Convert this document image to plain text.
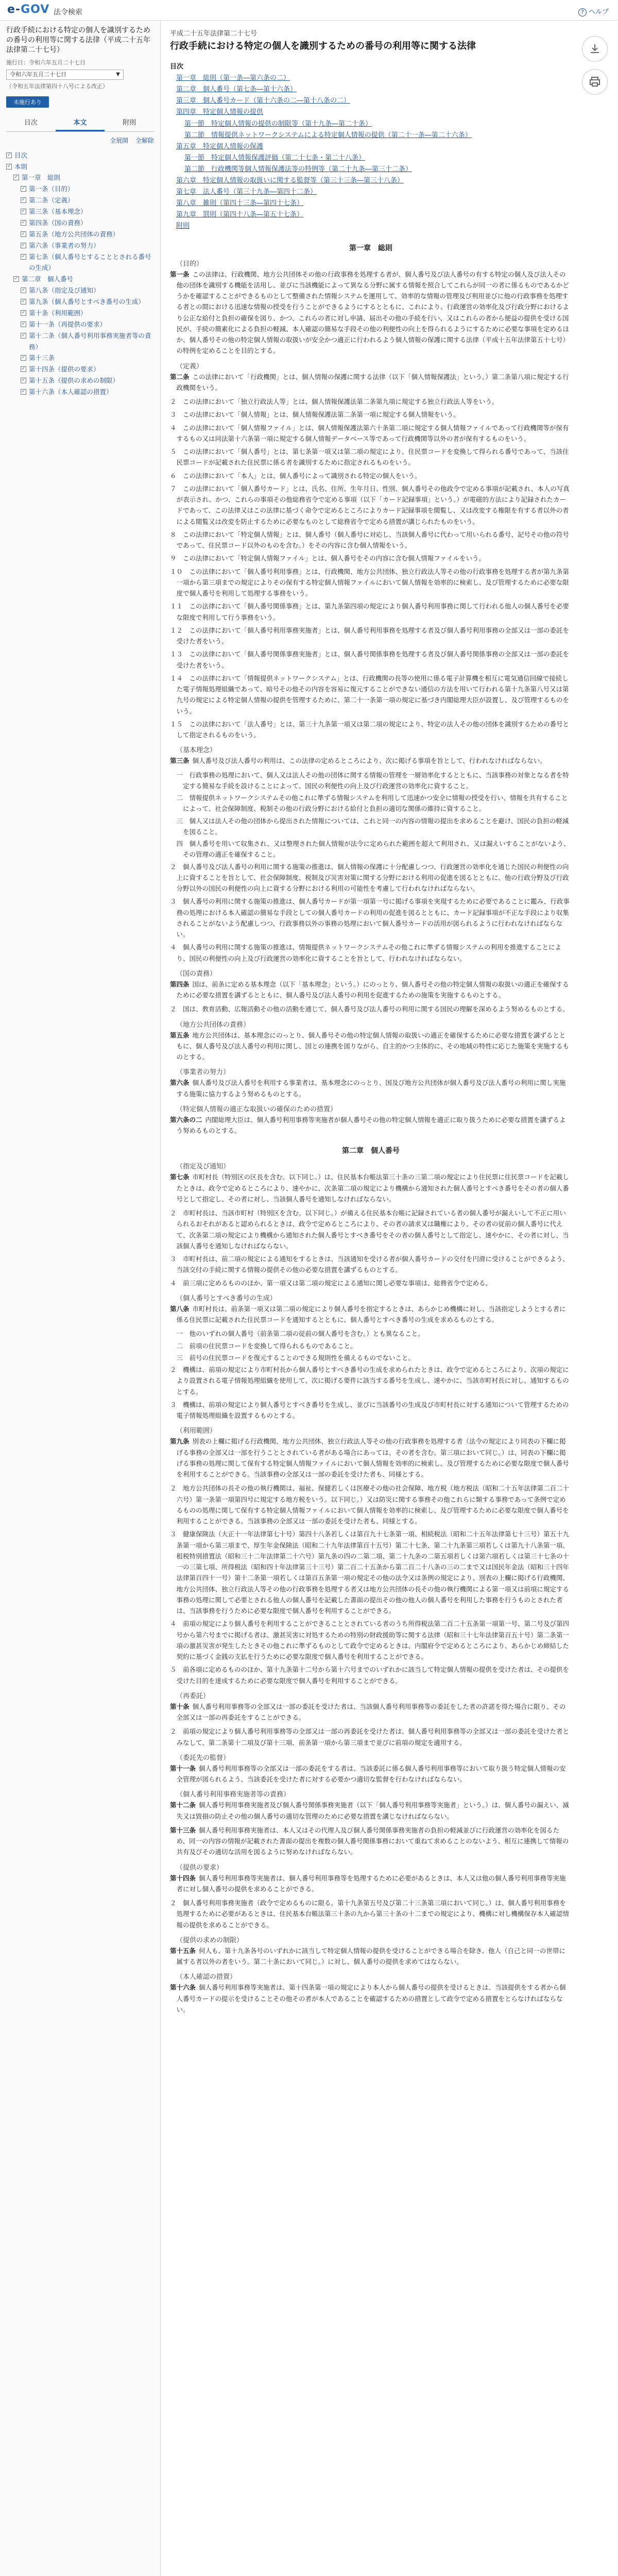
e-GOV 法令検索	? ヘルプ
行政手続における特定の個人を識別するための番号の利用等に関する法律（平成二十五年法律第二十七号）
施行日：令和六年五月二十七日
令和六年五月二十七日	▼
（令和五年法律第四十八号による改正）
未施行あり
目次	本文	附則
全展開 全解除
✓ 目次
✓ 本則
✓ 第一章　総則
✓ 第一条（目的）
✓ 第二条（定義）
✓ 第三条（基本理念）
✓ 第四条（国の責務）
✓ 第五条（地方公共団体の責務）
✓ 第六条（事業者の努力）
✓ 第七条（個人番号とすることとされる番号の生成）
✓ 第二章　個人番号
✓ 第八条（指定及び通知）
✓ 第九条（個人番号とすべき番号の生成）
✓ 第十条（利用範囲）
✓ 第十一条（再提供の要求）
✓ 第十二条（個人番号利用事務実施者等の責務）
✓ 第十三条
✓ 第十四条（提供の要求）
✓ 第十五条（提供の求めの制限）
✓ 第十六条（本人確認の措置）
平成二十五年法律第二十七号
行政手続における特定の個人を識別するための番号の利用等に関する法律
目次
第一章　総則（第一条―第六条の二）
第二章　個人番号（第七条―第十六条）
第三章　個人番号カード（第十六条の二―第十八条の二）
第四章　特定個人情報の提供
第一節　特定個人情報の提供の制限等（第十九条―第二十条）
第二節　情報提供ネットワークシステムによる特定個人情報の提供（第二十一条―第二十六条）
第五章　特定個人情報の保護
第一節　特定個人情報保護評価（第二十七条・第二十八条）
第二節　行政機関等個人情報保護法等の特例等（第二十九条―第三十二条）
第六章　特定個人情報の取扱いに関する監督等（第三十三条―第三十八条）
第七章　法人番号（第三十九条―第四十二条）
第八章　雑則（第四十三条―第四十七条）
第九章　罰則（第四十八条―第五十七条）
附則
第一章　総則
（目的）
第一条 この法律は、行政機関、地方公共団体その他の行政事務を処理する者が、個人番号及び法人番号の有する特定の個人及び法人その他の団体を識別する機能を活用し、並びに当該機能によって異なる分野に属する情報を照合してこれらが同一の者に係るものであるかどうかを確認することができるものとして整備された情報システムを運用して、効率的な情報の管理及び利用並びに他の行政事務を処理する者との間における迅速な情報の授受を行うことができるようにするとともに、これにより、行政運営の効率化及び行政分野におけるより公正な給付と負担の確保を図り、かつ、これらの者に対し申請、届出その他の手続を行い、又はこれらの者から便益の提供を受ける国民が、手続の簡素化による負担の軽減、本人確認の簡易な手段その他の利便性の向上を得られるようにするために必要な事項を定めるほか、個人番号その他の特定個人情報の取扱いが安全かつ適正に行われるよう個人情報の保護に関する法律（平成十五年法律第五十七号）の特例を定めることを目的とする。
（定義）
第二条 この法律において「行政機関」とは、個人情報の保護に関する法律（以下「個人情報保護法」という。）第二条第八項に規定する行政機関をいう。
２　この法律において「独立行政法人等」とは、個人情報保護法第二条第九項に規定する独立行政法人等をいう。
３　この法律において「個人情報」とは、個人情報保護法第二条第一項に規定する個人情報をいう。
４　この法律において「個人情報ファイル」とは、個人情報保護法第六十条第二項に規定する個人情報ファイルであって行政機関等が保有するもの又は同法第十六条第一項に規定する個人情報データベース等であって行政機関等以外の者が保有するものをいう。
５　この法律において「個人番号」とは、第七条第一項又は第二項の規定により、住民票コードを変換して得られる番号であって、当該住民票コードが記載された住民票に係る者を識別するために指定されるものをいう。
６　この法律において「本人」とは、個人番号によって識別される特定の個人をいう。
７　この法律において「個人番号カード」とは、氏名、住所、生年月日、性別、個人番号その他政令で定める事項が記載され、本人の写真が表示され、かつ、これらの事項その他総務省令で定める事項（以下「カード記録事項」という。）が電磁的方法により記録されたカードであって、この法律又はこの法律に基づく命令で定めるところによりカード記録事項を閲覧し、又は改変する権限を有する者以外の者による閲覧又は改変を防止するために必要なものとして総務省令で定める措置が講じられたものをいう。
８　この法律において「特定個人情報」とは、個人番号（個人番号に対応し、当該個人番号に代わって用いられる番号、記号その他の符号であって、住民票コード以外のものを含む。）をその内容に含む個人情報をいう。
９　この法律において「特定個人情報ファイル」とは、個人番号をその内容に含む個人情報ファイルをいう。
１０　この法律において「個人番号利用事務」とは、行政機関、地方公共団体、独立行政法人等その他の行政事務を処理する者が第九条第一項から第三項までの規定によりその保有する特定個人情報ファイルにおいて個人情報を効率的に検索し、及び管理するために必要な限度で個人番号を利用して処理する事務をいう。
１１　この法律において「個人番号関係事務」とは、第九条第四項の規定により個人番号利用事務に関して行われる他人の個人番号を必要な限度で利用して行う事務をいう。
１２　この法律において「個人番号利用事務実施者」とは、個人番号利用事務を処理する者及び個人番号利用事務の全部又は一部の委託を受けた者をいう。
１３　この法律において「個人番号関係事務実施者」とは、個人番号関係事務を処理する者及び個人番号関係事務の全部又は一部の委託を受けた者をいう。
１４　この法律において「情報提供ネットワークシステム」とは、行政機関の長等の使用に係る電子計算機を相互に電気通信回線で接続した電子情報処理組織であって、暗号その他その内容を容易に復元することができない通信の方法を用いて行われる第十九条第八号又は第九号の規定による特定個人情報の提供を管理するために、第二十一条第一項の規定に基づき内閣総理大臣が設置し、及び管理するものをいう。
１５　この法律において「法人番号」とは、第三十九条第一項又は第二項の規定により、特定の法人その他の団体を識別するための番号として指定されるものをいう。
（基本理念）
第三条 個人番号及び法人番号の利用は、この法律の定めるところにより、次に掲げる事項を旨として、行われなければならない。
一　行政事務の処理において、個人又は法人その他の団体に関する情報の管理を一層効率化するとともに、当該事務の対象となる者を特定する簡易な手続を設けることによって、国民の利便性の向上及び行政運営の効率化に資すること。
二　情報提供ネットワークシステムその他これに準ずる情報システムを利用して迅速かつ安全に情報の授受を行い、情報を共有することによって、社会保障制度、税制その他の行政分野における給付と負担の適切な関係の維持に資すること。
三　個人又は法人その他の団体から提出された情報については、これと同一の内容の情報の提出を求めることを避け、国民の負担の軽減を図ること。
四　個人番号を用いて収集され、又は整理された個人情報が法令に定められた範囲を超えて利用され、又は漏えいすることがないよう、その管理の適正を確保すること。
２　個人番号及び法人番号の利用に関する施策の推進は、個人情報の保護に十分配慮しつつ、行政運営の効率化を通じた国民の利便性の向上に資することを旨として、社会保障制度、税制及び災害対策に関する分野における利用の促進を図るとともに、他の行政分野及び行政分野以外の国民の利便性の向上に資する分野における利用の可能性を考慮して行われなければならない。
３　個人番号の利用に関する施策の推進は、個人番号カードが第一項第一号に掲げる事項を実現するために必要であることに鑑み、行政事務の処理における本人確認の簡易な手段としての個人番号カードの利用の促進を図るとともに、カード記録事項が不正な手段により収集されることがないよう配慮しつつ、行政事務以外の事務の処理において個人番号カードの活用が図られるように行われなければならない。
４　個人番号の利用に関する施策の推進は、情報提供ネットワークシステムその他これに準ずる情報システムの利用を推進することにより、国民の利便性の向上及び行政運営の効率化に資することを旨として、行われなければならない。
（国の責務）
第四条 国は、前条に定める基本理念（以下「基本理念」という。）にのっとり、個人番号その他の特定個人情報の取扱いの適正を確保するために必要な措置を講ずるとともに、個人番号及び法人番号の利用を促進するための施策を実施するものとする。
２　国は、教育活動、広報活動その他の活動を通じて、個人番号及び法人番号の利用に関する国民の理解を深めるよう努めるものとする。
（地方公共団体の責務）
第五条 地方公共団体は、基本理念にのっとり、個人番号その他の特定個人情報の取扱いの適正を確保するために必要な措置を講ずるとともに、個人番号及び法人番号の利用に関し、国との連携を図りながら、自主的かつ主体的に、その地域の特性に応じた施策を実施するものとする。
（事業者の努力）
第六条 個人番号及び法人番号を利用する事業者は、基本理念にのっとり、国及び地方公共団体が個人番号及び法人番号の利用に関し実施する施策に協力するよう努めるものとする。
（特定個人情報の適正な取扱いの確保のための措置）
第六条の二 内閣総理大臣は、個人番号利用事務等実施者が個人番号その他の特定個人情報を適正に取り扱うために必要な措置を講ずるよう努めるものとする。
第二章　個人番号
（指定及び通知）
第七条 市町村長（特別区の区長を含む。以下同じ。）は、住民基本台帳法第三十条の三第二項の規定により住民票に住民票コードを記載したときは、政令で定めるところにより、速やかに、次条第二項の規定により機構から通知された個人番号とすべき番号をその者の個人番号として指定し、その者に対し、当該個人番号を通知しなければならない。
２　市町村長は、当該市町村（特別区を含む。以下同じ。）が備える住民基本台帳に記録されている者の個人番号が漏えいして不正に用いられるおそれがあると認められるときは、政令で定めるところにより、その者の請求又は職権により、その者の従前の個人番号に代えて、次条第二項の規定により機構から通知された個人番号とすべき番号をその者の個人番号として指定し、速やかに、その者に対し、当該個人番号を通知しなければならない。
３　市町村長は、前二項の規定による通知をするときは、当該通知を受ける者が個人番号カードの交付を円滑に受けることができるよう、当該交付の手続に関する情報の提供その他の必要な措置を講ずるものとする。
４　前三項に定めるもののほか、第一項又は第二項の規定による通知に関し必要な事項は、総務省令で定める。
（個人番号とすべき番号の生成）
第八条 市町村長は、前条第一項又は第二項の規定により個人番号を指定するときは、あらかじめ機構に対し、当該指定しようとする者に係る住民票に記載された住民票コードを通知するとともに、個人番号とすべき番号の生成を求めるものとする。
一　他のいずれの個人番号（前条第二項の従前の個人番号を含む。）とも異なること。
二　前項の住民票コードを変換して得られるものであること。
三　前号の住民票コードを復元することのできる規則性を備えるものでないこと。
２　機構は、前項の規定により市町村長から個人番号とすべき番号の生成を求められたときは、政令で定めるところにより、次項の規定により設置される電子情報処理組織を使用して、次に掲げる要件に該当する番号を生成し、速やかに、当該市町村長に対し、通知するものとする。
３　機構は、前項の規定により個人番号とすべき番号を生成し、並びに当該番号の生成及び市町村長に対する通知について管理するための電子情報処理組織を設置するものとする。
（利用範囲）
第九条 別表の上欄に掲げる行政機関、地方公共団体、独立行政法人等その他の行政事務を処理する者（法令の規定により同表の下欄に掲げる事務の全部又は一部を行うこととされている者がある場合にあっては、その者を含む。第三項において同じ。）は、同表の下欄に掲げる事務の処理に関して保有する特定個人情報ファイルにおいて個人情報を効率的に検索し、及び管理するために必要な限度で個人番号を利用することができる。当該事務の全部又は一部の委託を受けた者も、同様とする。
２　地方公共団体の長その他の執行機関は、福祉、保健若しくは医療その他の社会保障、地方税（地方税法（昭和二十五年法律第二百二十六号）第一条第一項第四号に規定する地方税をいう。以下同じ。）又は防災に関する事務その他これらに類する事務であって条例で定めるものの処理に関して保有する特定個人情報ファイルにおいて個人情報を効率的に検索し、及び管理するために必要な限度で個人番号を利用することができる。当該事務の全部又は一部の委託を受けた者も、同様とする。
３　健康保険法（大正十一年法律第七十号）第四十八条若しくは第百九十七条第一項、相続税法（昭和二十五年法律第七十三号）第五十九条第一項から第三項まで、厚生年金保険法（昭和二十九年法律第百十五号）第二十七条、第二十九条第三項若しくは第九十八条第一項、租税特別措置法（昭和三十二年法律第二十六号）第九条の四の二第二項、第二十九条の二第五項若しくは第六項若しくは第三十七条の十一の三第七項、所得税法（昭和四十年法律第三十三号）第二百二十五条から第二百二十八条の三の二まで又は国民年金法（昭和三十四年法律第百四十一号）第十二条第一項若しくは第百五条第一項の規定その他の法令又は条例の規定により、別表の上欄に掲げる行政機関、地方公共団体、独立行政法人等その他の行政事務を処理する者又は地方公共団体の長その他の執行機関による第一項又は前項に規定する事務の処理に関して必要とされる他人の個人番号を記載した書面の提出その他の他人の個人番号を利用した事務を行うものとされた者は、当該事務を行うために必要な限度で個人番号を利用することができる。
４　前項の規定により個人番号を利用することができることとされている者のうち所得税法第二百二十五条第一項第一号、第二号及び第四号から第六号までに掲げる者は、激甚災害に対処するための特別の財政援助等に関する法律（昭和三十七年法律第百五十号）第二条第一項の激甚災害が発生したときその他これに準ずるものとして政令で定めるときは、内閣府令で定めるところにより、あらかじめ締結した契約に基づく金銭の支払を行うために必要な限度で個人番号を利用することができる。
５　前各項に定めるもののほか、第十九条第十二号から第十六号までのいずれかに該当して特定個人情報の提供を受けた者は、その提供を受けた目的を達成するために必要な限度で個人番号を利用することができる。
（再委託）
第十条 個人番号利用事務等の全部又は一部の委託を受けた者は、当該個人番号利用事務等の委託をした者の許諾を得た場合に限り、その全部又は一部の再委託をすることができる。
２　前項の規定により個人番号利用事務等の全部又は一部の再委託を受けた者は、個人番号利用事務等の全部又は一部の委託を受けた者とみなして、第二条第十二項及び第十三項、前条第一項から第三項まで並びに前項の規定を適用する。
（委託先の監督）
第十一条 個人番号利用事務等の全部又は一部の委託をする者は、当該委託に係る個人番号利用事務等において取り扱う特定個人情報の安全管理が図られるよう、当該委託を受けた者に対する必要かつ適切な監督を行わなければならない。
（個人番号利用事務実施者等の責務）
第十二条 個人番号利用事務実施者及び個人番号関係事務実施者（以下「個人番号利用事務等実施者」という。）は、個人番号の漏えい、滅失又は毀損の防止その他の個人番号の適切な管理のために必要な措置を講じなければならない。
第十三条 個人番号利用事務実施者は、本人又はその代理人及び個人番号関係事務実施者の負担の軽減並びに行政運営の効率化を図るため、同一の内容の情報が記載された書面の提出を複数の個人番号関係事務において重ねて求めることのないよう、相互に連携して情報の共有及びその適切な活用を図るように努めなければならない。
（提供の要求）
第十四条 個人番号利用事務等実施者は、個人番号利用事務等を処理するために必要があるときは、本人又は他の個人番号利用事務等実施者に対し個人番号の提供を求めることができる。
２　個人番号利用事務実施者（政令で定めるものに限る。第十九条第五号及び第二十三条第三項において同じ。）は、個人番号利用事務を処理するために必要があるときは、住民基本台帳法第三十条の九から第三十条の十二までの規定により、機構に対し機構保存本人確認情報の提供を求めることができる。
（提供の求めの制限）
第十五条 何人も、第十九条各号のいずれかに該当して特定個人情報の提供を受けることができる場合を除き、他人（自己と同一の世帯に属する者以外の者をいう。第二十条において同じ。）に対し、個人番号の提供を求めてはならない。
（本人確認の措置）
第十六条 個人番号利用事務等実施者は、第十四条第一項の規定により本人から個人番号の提供を受けるときは、当該提供をする者から個人番号カードの提示を受けることその他その者が本人であることを確認するための措置として政令で定める措置をとらなければならない。
